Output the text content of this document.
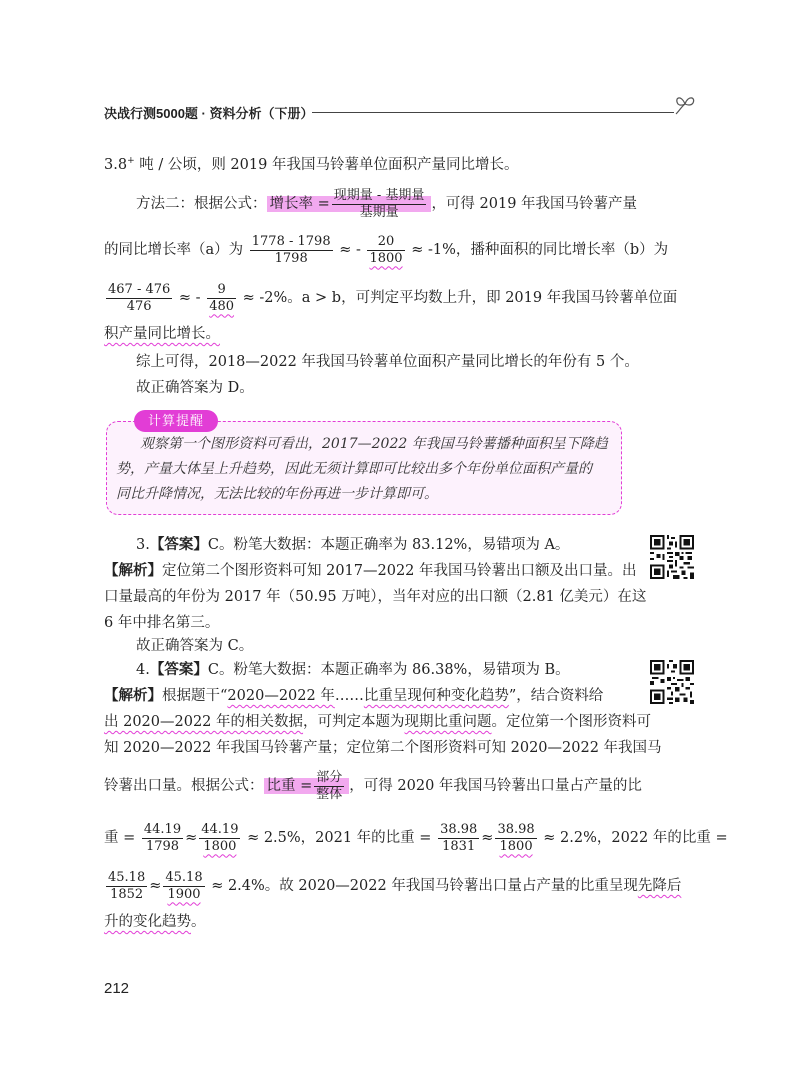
决战行测5000题 · 资料分析（下册）
3.8+ 吨 / 公顷，则 2019 年我国马铃薯单位面积产量同比增长。
方法二：根据公式： 增长率 = $\frac{\text{现期量 - 基期量}}{\text{基期量}}$ ，可得 2019 年我国马铃薯产量
的同比增长率（a）为 $\frac{1778 - 1798}{1798}$ ≈ - $\frac{20}{1800} \approx -1\%$，播种面积的同比增长率（b）为
$\frac{467 - 476}{476}$ ≈ - $\frac{9}{480} \approx -2\%$。a > b，可判定平均数上升，即 2019 年我国马铃薯单位面
积产量同比增长。
综上可得，2018—2022 年我国马铃薯单位面积产量同比增长的年份有 5 个。
故正确答案为 D。
计算提醒
观察第一个图形资料可看出，2017—2022 年我国马铃薯播种面积呈下降趋
势，产量大体呈上升趋势，因此无须计算即可比较出多个年份单位面积产量的
同比升降情况，无法比较的年份再进一步计算即可。
3.【答案】C。粉笔大数据：本题正确率为 83.12%，易错项为 A。
【解析】定位第二个图形资料可知 2017—2022 年我国马铃薯出口额及出口量。出
口量最高的年份为 2017 年（50.95 万吨），当年对应的出口额（2.81 亿美元）在这
6 年中排名第三。
故正确答案为 C。
4.【答案】C。粉笔大数据：本题正确率为 86.38%，易错项为 B。
【解析】根据题干“2020—2022 年……比重呈现何种变化趋势”，结合资料给
出 2020—2022 年的相关数据，可判定本题为现期比重问题。定位第一个图形资料可
知 2020—2022 年我国马铃薯产量；定位第二个图形资料可知 2020—2022 年我国马
铃薯出口量。根据公式： 比重 = $\frac{\text{部分}}{\text{整体}}$ ，可得 2020 年我国马铃薯出口量占产量的比
重 = $\frac{44.19}{1798} \approx \frac{44.19}{1800} \approx 2.5\%$，2021 年的比重 = $\frac{38.98}{1831} \approx \frac{38.98}{1800} \approx 2.2\%$，2022 年的比重 =
$\frac{45.18}{1852} \approx \frac{45.18}{1900} \approx 2.4\%$。故 2020—2022 年我国马铃薯出口量占产量的比重呈现先降后
升的变化趋势。
212
